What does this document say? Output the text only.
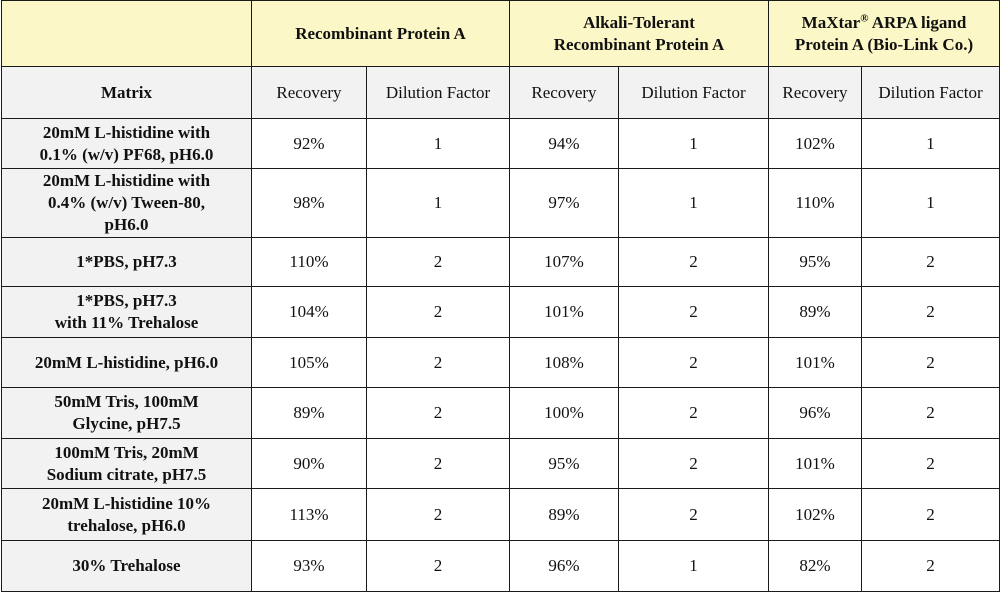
	Recombinant Protein A		Alkali-Tolerant
Recombinant Protein A		MaXtar® ARPA ligand
Protein A (Bio-Link Co.)	
Matrix	Recovery	Dilution Factor	Recovery	Dilution Factor	Recovery	Dilution Factor
20mM L-histidine with
0.1% (w/v) PF68, pH6.0	92%	1	94%	1	102%	1
20mM L-histidine with
0.4% (w/v) Tween-80,
pH6.0	98%	1	97%	1	110%	1
1*PBS, pH7.3	110%	2	107%	2	95%	2
1*PBS, pH7.3
with 11% Trehalose	104%	2	101%	2	89%	2
20mM L-histidine, pH6.0	105%	2	108%	2	101%	2
50mM Tris, 100mM
Glycine, pH7.5	89%	2	100%	2	96%	2
100mM Tris, 20mM
Sodium citrate, pH7.5	90%	2	95%	2	101%	2
20mM L-histidine 10%
trehalose, pH6.0	113%	2	89%	2	102%	2
30% Trehalose	93%	2	96%	1	82%	2
